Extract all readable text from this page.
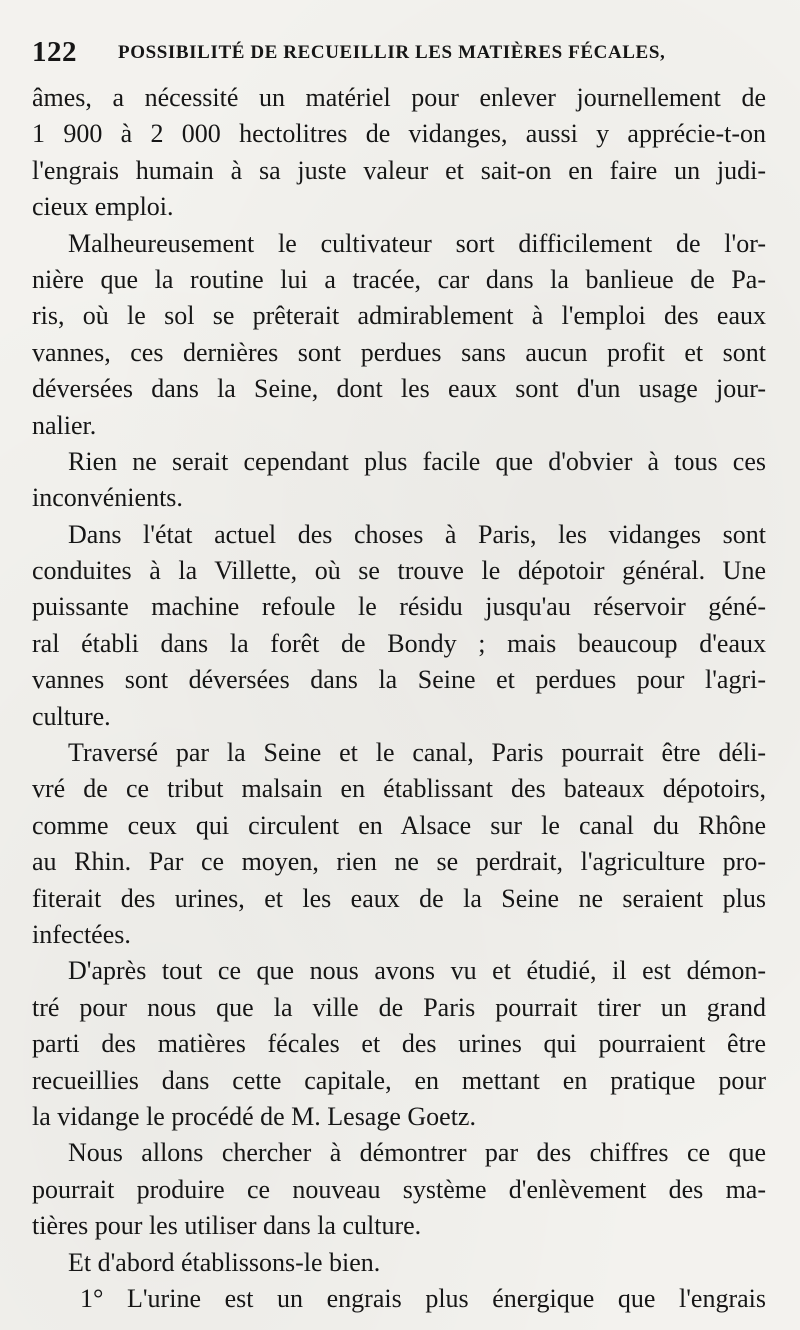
122 POSSIBILITÉ DE RECUEILLIR LES MATIÈRES FÉCALES,
âmes, a nécessité un matériel pour enlever journellement de
1 900 à 2 000 hectolitres de vidanges, aussi y apprécie-t-on
l'engrais humain à sa juste valeur et sait-on en faire un judi-
cieux emploi.
Malheureusement le cultivateur sort difficilement de l'or-
nière que la routine lui a tracée, car dans la banlieue de Pa-
ris, où le sol se prêterait admirablement à l'emploi des eaux
vannes, ces dernières sont perdues sans aucun profit et sont
déversées dans la Seine, dont les eaux sont d'un usage jour-
nalier.
Rien ne serait cependant plus facile que d'obvier à tous ces
inconvénients.
Dans l'état actuel des choses à Paris, les vidanges sont
conduites à la Villette, où se trouve le dépotoir général. Une
puissante machine refoule le résidu jusqu'au réservoir géné-
ral établi dans la forêt de Bondy ; mais beaucoup d'eaux
vannes sont déversées dans la Seine et perdues pour l'agri-
culture.
Traversé par la Seine et le canal, Paris pourrait être déli-
vré de ce tribut malsain en établissant des bateaux dépotoirs,
comme ceux qui circulent en Alsace sur le canal du Rhône
au Rhin. Par ce moyen, rien ne se perdrait, l'agriculture pro-
fiterait des urines, et les eaux de la Seine ne seraient plus
infectées.
D'après tout ce que nous avons vu et étudié, il est démon-
tré pour nous que la ville de Paris pourrait tirer un grand
parti des matières fécales et des urines qui pourraient être
recueillies dans cette capitale, en mettant en pratique pour
la vidange le procédé de M. Lesage Goetz.
Nous allons chercher à démontrer par des chiffres ce que
pourrait produire ce nouveau système d'enlèvement des ma-
tières pour les utiliser dans la culture.
Et d'abord établissons-le bien.
1° L'urine est un engrais plus énergique que l'engrais
